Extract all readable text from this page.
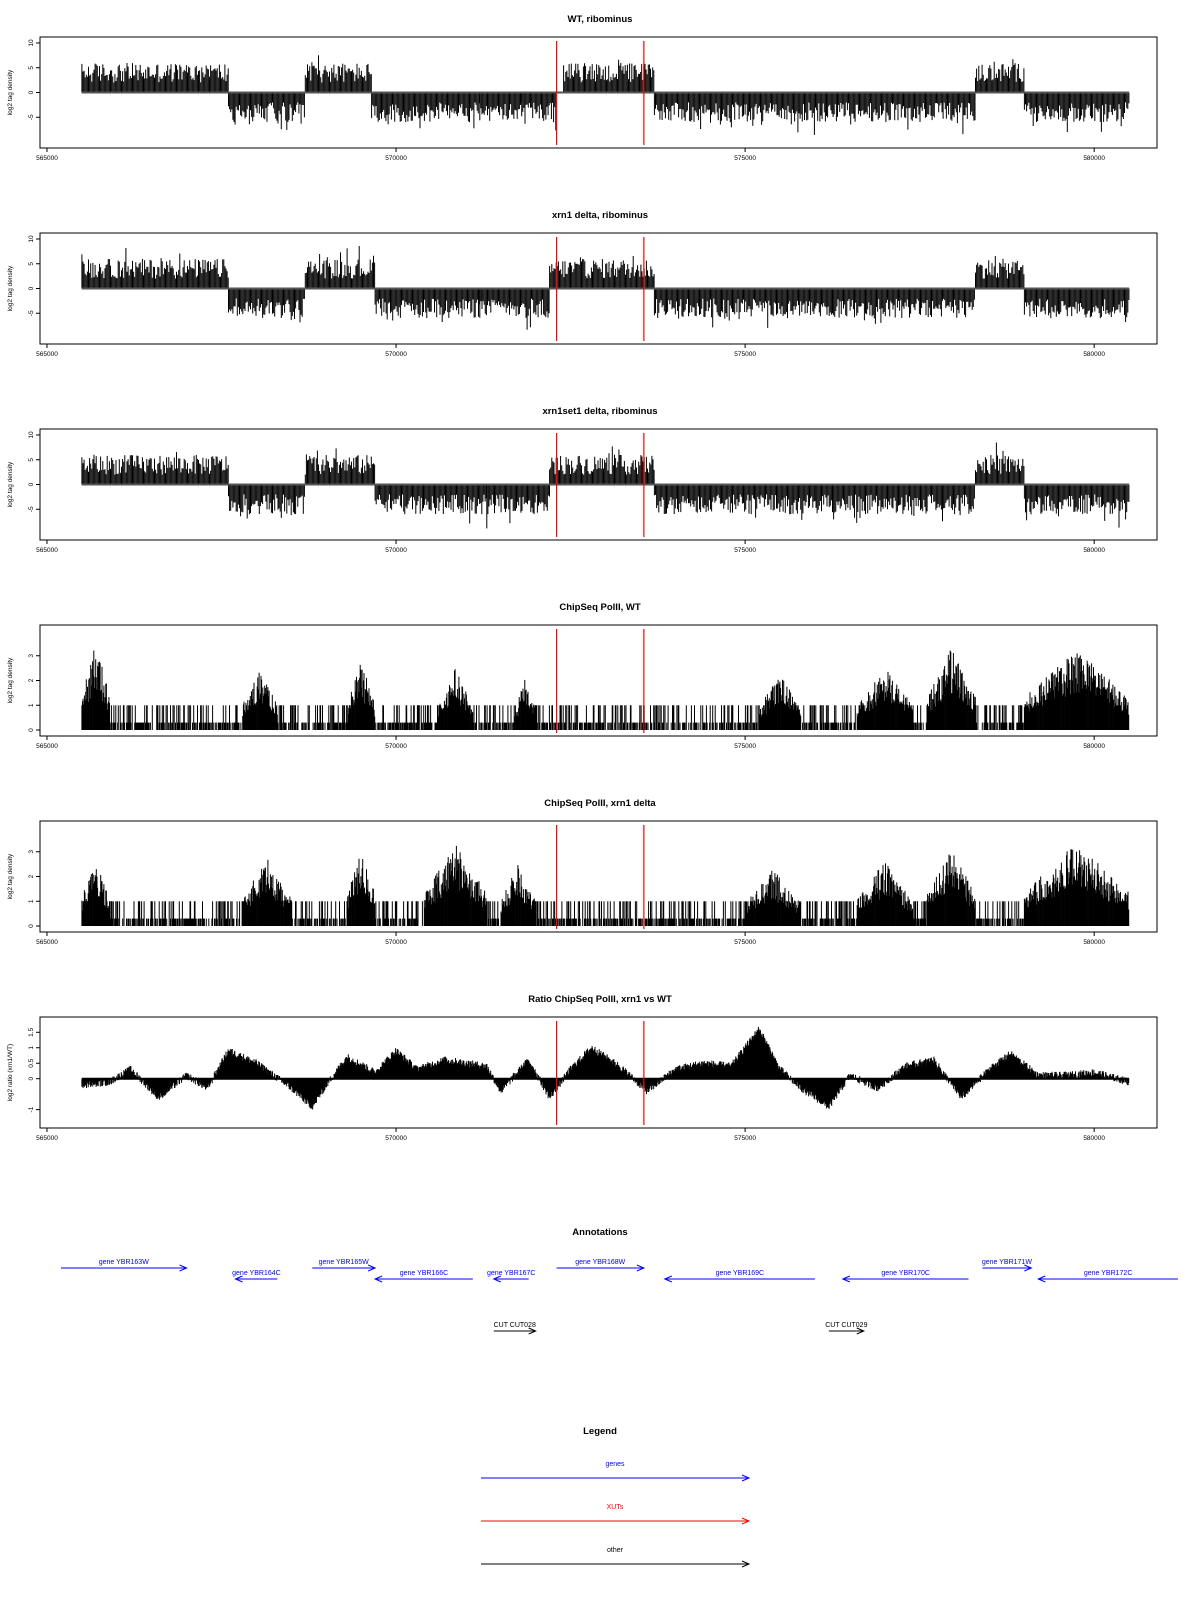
WT, ribominus
10
5
0
-5
log2 tag density
565000	570000	575000	580000
xrn1 delta, ribominus
10
5
0
-5
log2 tag density
565000	570000	575000	580000
xrn1set1 delta, ribominus
10
5
0
-5
log2 tag density
565000	570000	575000	580000
ChipSeq PolII, WT
3
2
1
0
log2 tag density
565000	570000	575000	580000
ChipSeq PolII, xrn1 delta
3
2
1
0
log2 tag density
565000	570000	575000	580000
Ratio ChipSeq PolII, xrn1 vs WT
1.5
1
0.5
0
-1
log2 ratio (xrn1/WT)
565000	570000	575000	580000
Annotations
gene YBR163W
gene YBR164C
gene YBR165W
gene YBR166C	gene YBR167C
gene YBR168W
gene YBR169C	gene YBR170C
gene YBR171W
gene YBR172C
CUT CUT028	CUT CUT029
Legend
genes
XUTs
other
